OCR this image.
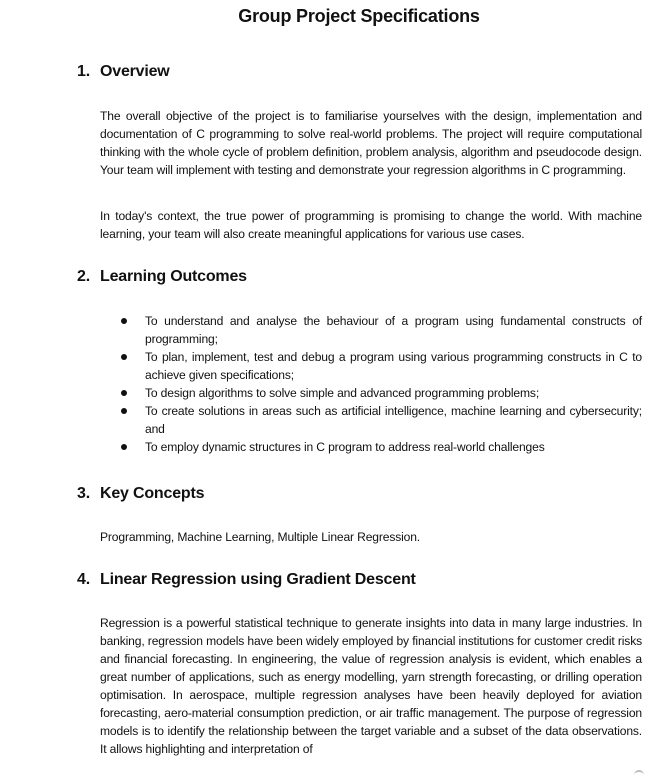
Group Project Specifications
1. Overview

The overall objective of the project is to familiarise yourselves with the design, implementation and documentation of C programming to solve real-world problems. The project will require computational thinking with the whole cycle of problem definition, problem analysis, algorithm and pseudocode design. Your team will implement with testing and demonstrate your regression algorithms in C programming.

In today's context, the true power of programming is promising to change the world. With machine learning, your team will also create meaningful applications for various use cases.

2. Learning Outcomes
To understand and analyse the behaviour of a program using fundamental constructs of programming;
To plan, implement, test and debug a program using various programming constructs in C to achieve given specifications;
To design algorithms to solve simple and advanced programming problems;
To create solutions in areas such as artificial intelligence, machine learning and cybersecurity; and
To employ dynamic structures in C program to address real-world challenges
3. Key Concepts

Programming, Machine Learning, Multiple Linear Regression.

4. Linear Regression using Gradient Descent

Regression is a powerful statistical technique to generate insights into data in many large industries. In banking, regression models have been widely employed by financial institutions for customer credit risks and financial forecasting. In engineering, the value of regression analysis is evident, which enables a great number of applications, such as energy modelling, yarn strength forecasting, or drilling operation optimisation. In aerospace, multiple regression analyses have been heavily deployed for aviation forecasting, aero-material consumption prediction, or air traffic management. The purpose of regression models is to identify the relationship between the target variable and a subset of the data observations. It allows highlighting and interpretation of
